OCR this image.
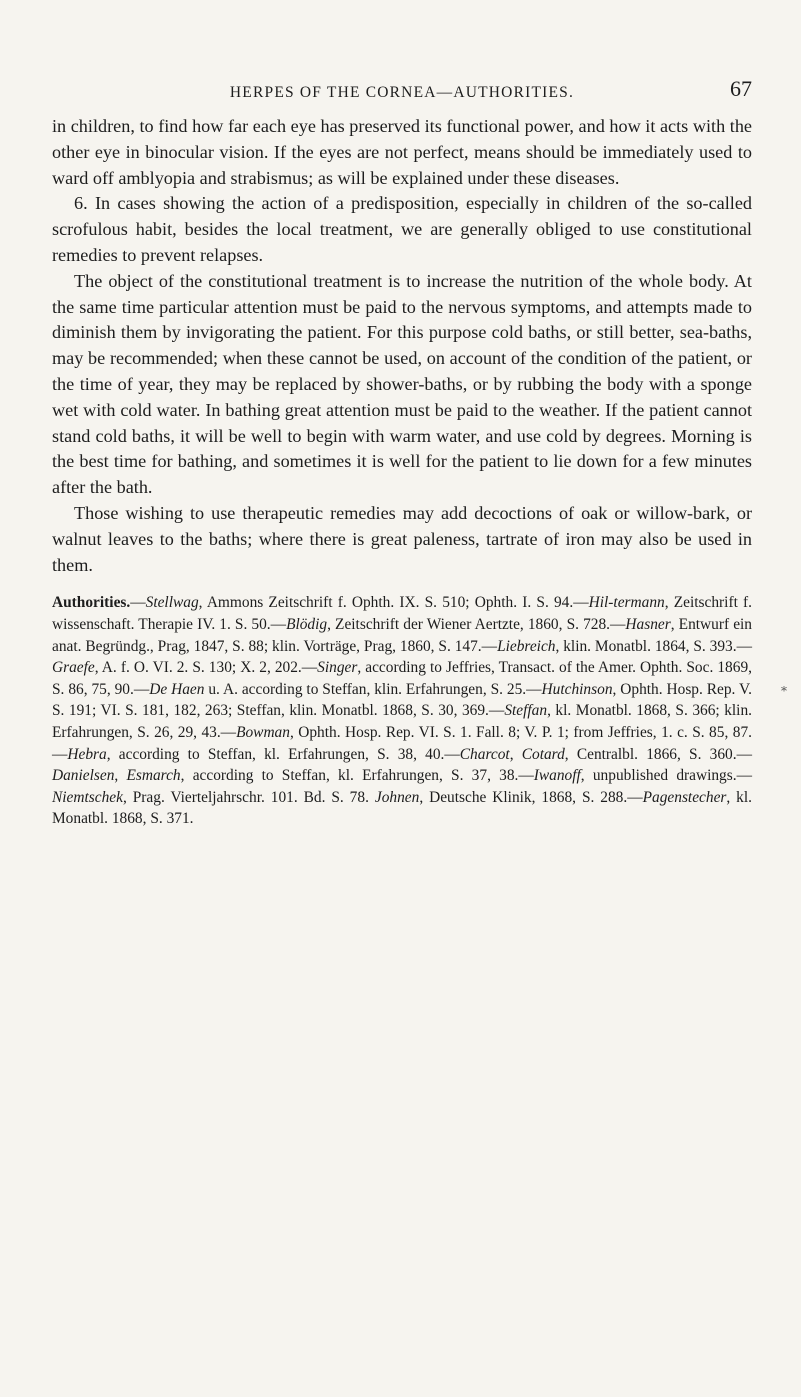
HERPES OF THE CORNEA—AUTHORITIES.	67

in children, to find how far each eye has preserved its functional power, and how it acts with the other eye in binocular vision. If the eyes are not perfect, means should be immediately used to ward off amblyopia and strabismus; as will be explained under these diseases.

6. In cases showing the action of a predisposition, especially in children of the so-called scrofulous habit, besides the local treatment, we are generally obliged to use constitutional remedies to prevent relapses.

The object of the constitutional treatment is to increase the nutrition of the whole body. At the same time particular attention must be paid to the nervous symptoms, and attempts made to diminish them by invigorating the patient. For this purpose cold baths, or still better, sea-baths, may be recommended; when these cannot be used, on account of the condition of the patient, or the time of year, they may be replaced by shower-baths, or by rubbing the body with a sponge wet with cold water. In bathing great attention must be paid to the weather. If the patient cannot stand cold baths, it will be well to begin with warm water, and use cold by degrees. Morning is the best time for bathing, and sometimes it is well for the patient to lie down for a few minutes after the bath.

Those wishing to use therapeutic remedies may add decoctions of oak or willow-bark, or walnut leaves to the baths; where there is great paleness, tartrate of iron may also be used in them.

Authorities.—Stellwag, Ammons Zeitschrift f. Ophth. IX. S. 510; Ophth. I. S. 94.—Hil-termann, Zeitschrift f. wissenschaft. Therapie IV. 1. S. 50.—Blödig, Zeitschrift der Wiener Aertzte, 1860, S. 728.—Hasner, Entwurf ein anat. Begründg., Prag, 1847, S. 88; klin. Vorträge, Prag, 1860, S. 147.—Liebreich, klin. Monatbl. 1864, S. 393.—Graefe, A. f. O. VI. 2. S. 130; X. 2, 202.—Singer, according to Jeffries, Transact. of the Amer. Ophth. Soc. 1869, S. 86, 75, 90.—De Haen u. A. according to Steffan, klin. Erfahrungen, S. 25.—Hutchinson, Ophth. Hosp. Rep. V. S. 191; VI. S. 181, 182, 263; Steffan, klin. Monatbl. 1868, S. 30, 369.—Steffan, kl. Monatbl. 1868, S. 366; klin. Erfahrungen, S. 26, 29, 43.—Bowman, Ophth. Hosp. Rep. VI. S. 1. Fall. 8; V. P. 1; from Jeffries, 1. c. S. 85, 87.—Hebra, according to Steffan, kl. Erfahrungen, S. 38, 40.—Charcot, Cotard, Centralbl. 1866, S. 360.—Danielsen, Esmarch, according to Steffan, kl. Erfahrungen, S. 37, 38.—Iwanoff, unpublished drawings.—Niemtschek, Prag. Vierteljahrschr. 101. Bd. S. 78. Johnen, Deutsche Klinik, 1868, S. 288.—Pagenstecher, kl. Monatbl. 1868, S. 371.
*
